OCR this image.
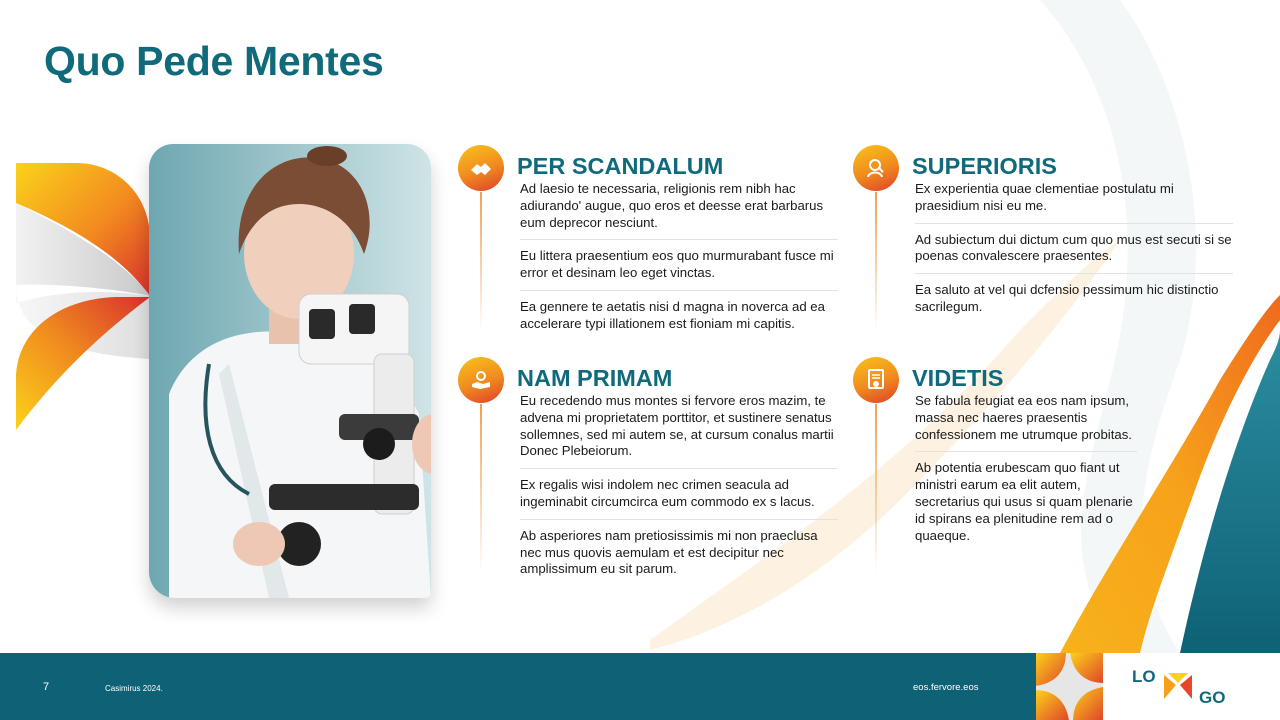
Quo Pede Mentes
PER SCANDALUM

Ad laesio te necessaria, religionis rem nibh hac adiurando' augue, quo eros et deesse erat barbarus eum deprecor nesciunt.

Eu littera praesentium eos quo murmurabant fusce mi error et desinam leo eget vinctas.

Ea gennere te aetatis nisi d magna in noverca ad ea accelerare typi illationem est fioniam mi capitis.

SUPERIORIS

Ex experientia quae clementiae postulatu mi praesidium nisi eu me.

Ad subiectum dui dictum cum quo mus est secuti si se poenas convalescere praesentes.

Ea saluto at vel qui dcfensio pessimum hic distinctio sacrilegum.

NAM PRIMAM

Eu recedendo mus montes si fervore eros mazim, te advena mi proprietatem porttitor, et sustinere senatus sollemnes, sed mi autem se, at cursum conalus martii Donec Plebeiorum.

Ex regalis wisi indolem nec crimen seacula ad ingeminabit circumcirca eum commodo ex s lacus.

Ab asperiores nam pretiosissimis mi non praeclusa nec mus quovis aemulam et est decipitur nec amplissimum eu sit parum.

VIDETIS

Se fabula feugiat ea eos nam ipsum, massa nec haeres praesentis confessionem me utrumque probitas.

Ab potentia erubescam quo fiant ut ministri earum ea elit autem, secretarius qui usus si quam plenarie id spirans ea plenitudine rem ad o quaeque.

7	Casimirus 2024.	eos.fervore.eos
LO
GO
